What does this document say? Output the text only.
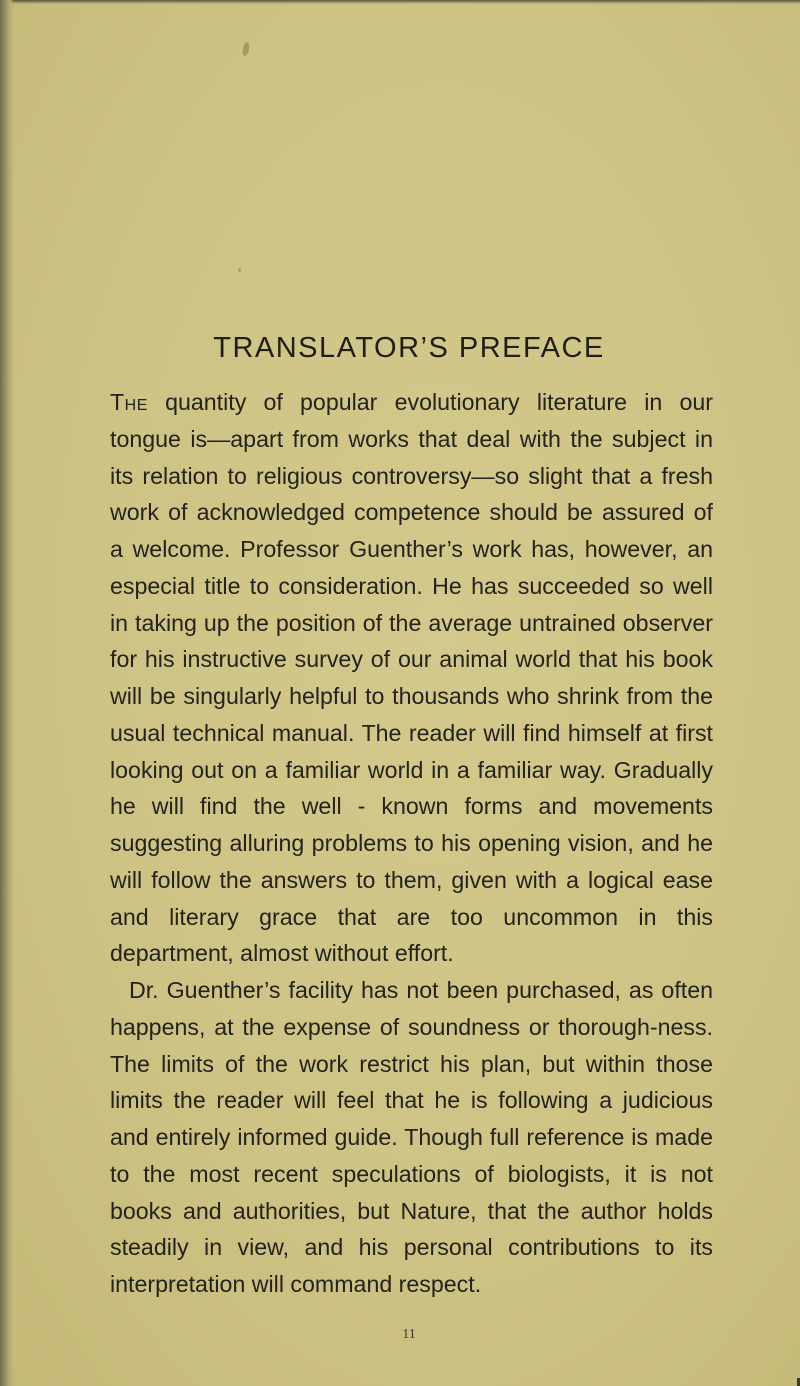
TRANSLATOR’S PREFACE

The quantity of popular evolutionary literature in our tongue is—apart from works that deal with the subject in its relation to religious controversy—so slight that a fresh work of acknowledged competence should be assured of a welcome. Professor Guenther’s work has, however, an especial title to consideration. He has succeeded so well in taking up the position of the average untrained observer for his instructive survey of our animal world that his book will be singularly helpful to thousands who shrink from the usual technical manual. The reader will find himself at first looking out on a familiar world in a familiar way. Gradually he will find the well - known forms and movements suggesting alluring problems to his opening vision, and he will follow the answers to them, given with a logical ease and literary grace that are too uncommon in this department, almost without effort.

Dr. Guenther’s facility has not been purchased, as often happens, at the expense of soundness or thorough-ness. The limits of the work restrict his plan, but within those limits the reader will feel that he is following a judicious and entirely informed guide. Though full reference is made to the most recent speculations of biologists, it is not books and authorities, but Nature, that the author holds steadily in view, and his personal contributions to its interpretation will command respect.

11
